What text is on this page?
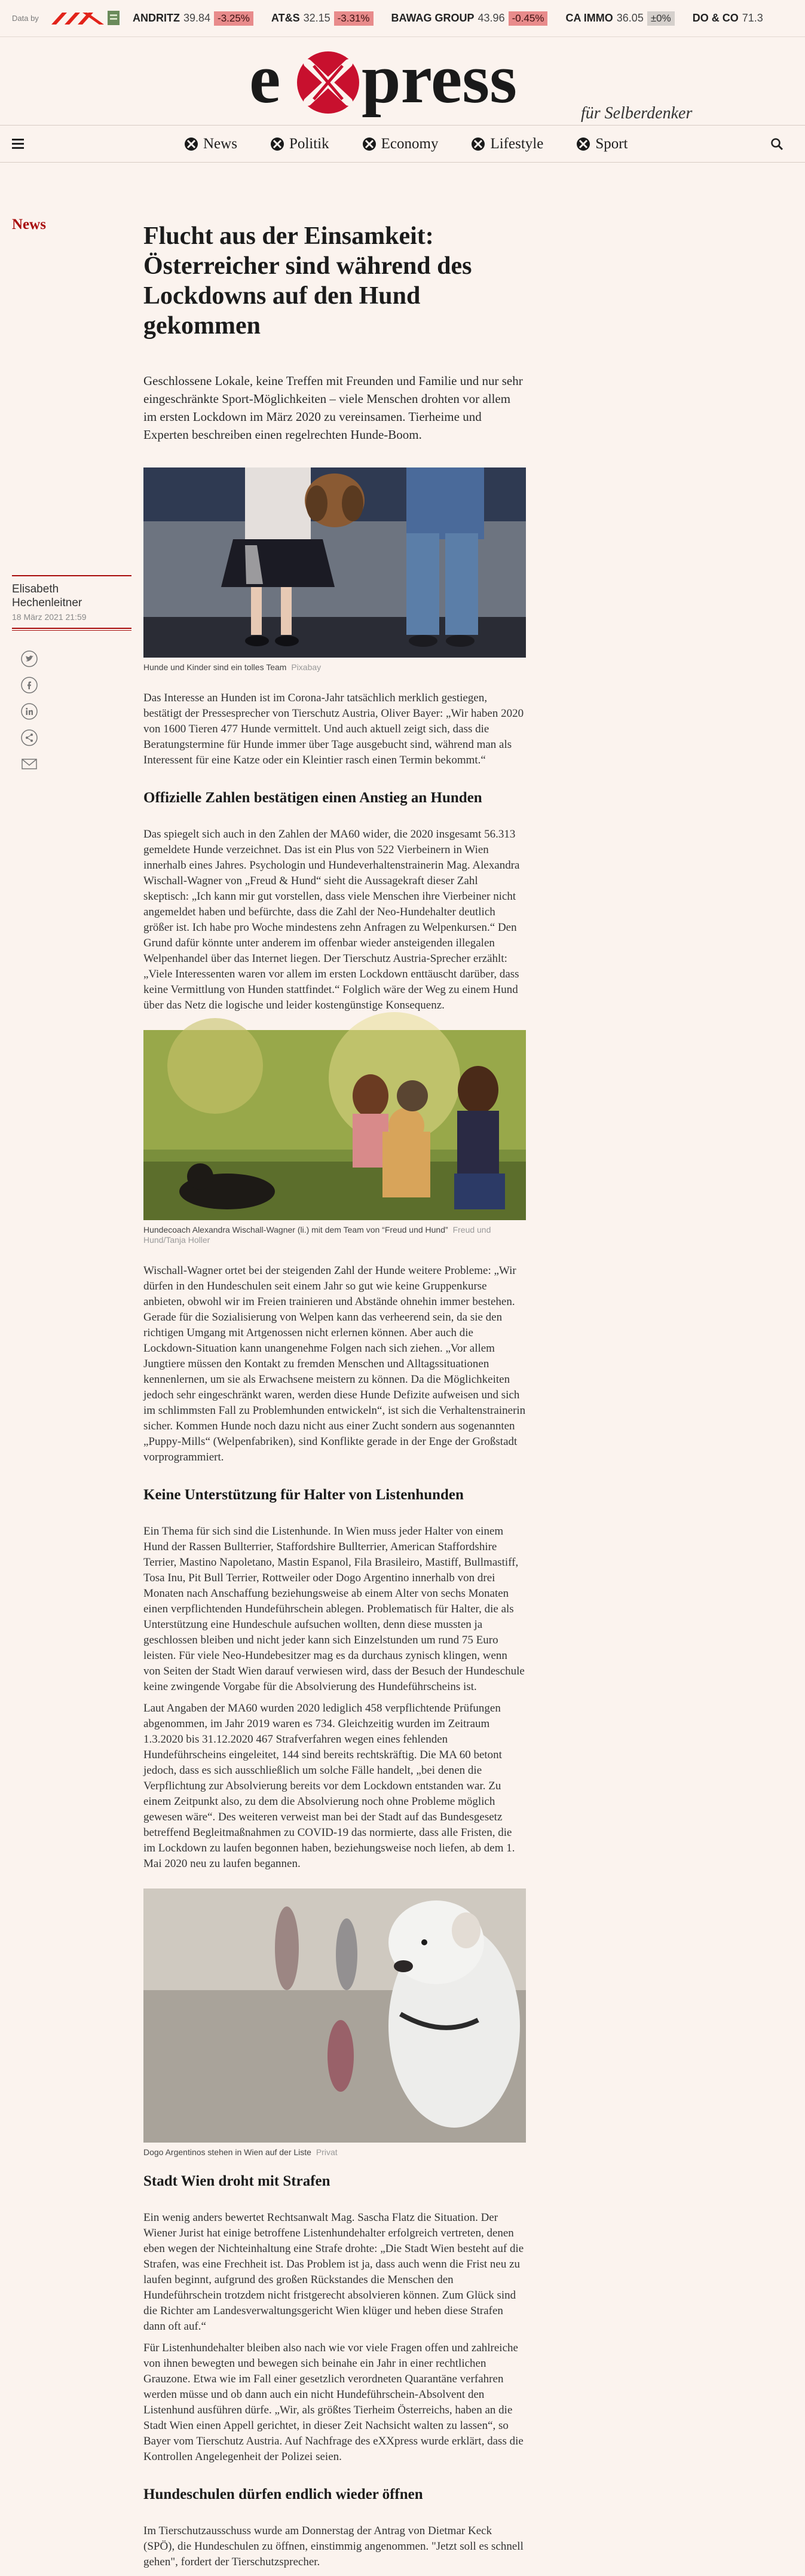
Data by	ANDRITZ 39.84 -3.25%	AT&S 32.15 -3.31%	BAWAG GROUP 43.96 -0.45%	CA IMMO 36.05 ±0%	DO & CO 71.3
e press	für Selberdenker
News	Politik	Economy	Lifestyle	Sport
News
Elisabeth Hechenleitner
18 März 2021 21:59
Flucht aus der Einsamkeit: Österreicher sind während des Lockdowns auf den Hund gekommen

Geschlossene Lokale, keine Treffen mit Freunden und Familie und nur sehr eingeschränkte Sport-Möglichkeiten – viele Menschen drohten vor allem im ersten Lockdown im März 2020 zu vereinsamen. Tierheime und Experten beschreiben einen regelrechten Hunde-Boom.

Hunde und Kinder sind ein tolles Team Pixabay

Das Interesse an Hunden ist im Corona-Jahr tatsächlich merklich gestiegen, bestätigt der Pressesprecher von Tierschutz Austria, Oliver Bayer: „Wir haben 2020 von 1600 Tieren 477 Hunde vermittelt. Und auch aktuell zeigt sich, dass die Beratungstermine für Hunde immer über Tage ausgebucht sind, während man als Interessent für eine Katze oder ein Kleintier rasch einen Termin bekommt.“

Offizielle Zahlen bestätigen einen Anstieg an Hunden

Das spiegelt sich auch in den Zahlen der MA60 wider, die 2020 insgesamt 56.313 gemeldete Hunde verzeichnet. Das ist ein Plus von 522 Vierbeinern in Wien innerhalb eines Jahres. Psychologin und Hundeverhaltenstrainerin Mag. Alexandra Wischall-Wagner von „Freud & Hund“ sieht die Aussagekraft dieser Zahl skeptisch: „Ich kann mir gut vorstellen, dass viele Menschen ihre Vierbeiner nicht angemeldet haben und befürchte, dass die Zahl der Neo-Hundehalter deutlich größer ist. Ich habe pro Woche mindestens zehn Anfragen zu Welpenkursen.“ Den Grund dafür könnte unter anderem im offenbar wieder ansteigenden illegalen Welpenhandel über das Internet liegen. Der Tierschutz Austria-Sprecher erzählt: „Viele Interessenten waren vor allem im ersten Lockdown enttäuscht darüber, dass keine Vermittlung von Hunden stattfindet.“ Folglich wäre der Weg zu einem Hund über das Netz die logische und leider kostengünstige Konsequenz.

Hundecoach Alexandra Wischall-Wagner (li.) mit dem Team von “Freud und Hund” Freud und Hund/Tanja Holler

Wischall-Wagner ortet bei der steigenden Zahl der Hunde weitere Probleme: „Wir dürfen in den Hundeschulen seit einem Jahr so gut wie keine Gruppenkurse anbieten, obwohl wir im Freien trainieren und Abstände ohnehin immer bestehen. Gerade für die Sozialisierung von Welpen kann das verheerend sein, da sie den richtigen Umgang mit Artgenossen nicht erlernen können. Aber auch die Lockdown-Situation kann unangenehme Folgen nach sich ziehen. „Vor allem Jungtiere müssen den Kontakt zu fremden Menschen und Alltagssituationen kennenlernen, um sie als Erwachsene meistern zu können. Da die Möglichkeiten jedoch sehr eingeschränkt waren, werden diese Hunde Defizite aufweisen und sich im schlimmsten Fall zu Problemhunden entwickeln“, ist sich die Verhaltenstrainerin sicher. Kommen Hunde noch dazu nicht aus einer Zucht sondern aus sogenannten „Puppy-Mills“ (Welpenfabriken), sind Konflikte gerade in der Enge der Großstadt vorprogrammiert.

Keine Unterstützung für Halter von Listenhunden

Ein Thema für sich sind die Listenhunde. In Wien muss jeder Halter von einem Hund der Rassen Bullterrier, Staffordshire Bullterrier, American Staffordshire Terrier, Mastino Napoletano, Mastin Espanol, Fila Brasileiro, Mastiff, Bullmastiff, Tosa Inu, Pit Bull Terrier, Rottweiler oder Dogo Argentino innerhalb von drei Monaten nach Anschaffung beziehungsweise ab einem Alter von sechs Monaten einen verpflichtenden Hundeführschein ablegen. Problematisch für Halter, die als Unterstützung eine Hundeschule aufsuchen wollten, denn diese mussten ja geschlossen bleiben und nicht jeder kann sich Einzelstunden um rund 75 Euro leisten. Für viele Neo-Hundebesitzer mag es da durchaus zynisch klingen, wenn von Seiten der Stadt Wien darauf verwiesen wird, dass der Besuch der Hundeschule keine zwingende Vorgabe für die Absolvierung des Hundeführscheins ist.

Laut Angaben der MA60 wurden 2020 lediglich 458 verpflichtende Prüfungen abgenommen, im Jahr 2019 waren es 734. Gleichzeitig wurden im Zeitraum 1.3.2020 bis 31.12.2020 467 Strafverfahren wegen eines fehlenden Hundeführscheins eingeleitet, 144 sind bereits rechtskräftig. Die MA 60 betont jedoch, dass es sich ausschließlich um solche Fälle handelt, „bei denen die Verpflichtung zur Absolvierung bereits vor dem Lockdown entstanden war. Zu einem Zeitpunkt also, zu dem die Absolvierung noch ohne Probleme möglich gewesen wäre“. Des weiteren verweist man bei der Stadt auf das Bundesgesetz betreffend Begleitmaßnahmen zu COVID-19 das normierte, dass alle Fristen, die im Lockdown zu laufen begonnen haben, beziehungsweise noch liefen, ab dem 1. Mai 2020 neu zu laufen begannen.

Dogo Argentinos stehen in Wien auf der Liste Privat
Stadt Wien droht mit Strafen

Ein wenig anders bewertet Rechtsanwalt Mag. Sascha Flatz die Situation. Der Wiener Jurist hat einige betroffene Listenhundehalter erfolgreich vertreten, denen eben wegen der Nichteinhaltung eine Strafe drohte: „Die Stadt Wien besteht auf die Strafen, was eine Frechheit ist. Das Problem ist ja, dass auch wenn die Frist neu zu laufen beginnt, aufgrund des großen Rückstandes die Menschen den Hundeführschein trotzdem nicht fristgerecht absolvieren können. Zum Glück sind die Richter am Landesverwaltungsgericht Wien klüger und heben diese Strafen dann oft auf.“

Für Listenhundehalter bleiben also nach wie vor viele Fragen offen und zahlreiche von ihnen bewegten und bewegen sich beinahe ein Jahr in einer rechtlichen Grauzone. Etwa wie im Fall einer gesetzlich verordneten Quarantäne verfahren werden müsse und ob dann auch ein nicht Hundeführschein-Absolvent den Listenhund ausführen dürfe. „Wir, als größtes Tierheim Österreichs, haben an die Stadt Wien einen Appell gerichtet, in dieser Zeit Nachsicht walten zu lassen“, so Bayer vom Tierschutz Austria. Auf Nachfrage des eXXpress wurde erklärt, dass die Kontrollen Angelegenheit der Polizei seien.

Hundeschulen dürfen endlich wieder öffnen

Im Tierschutzausschuss wurde am Donnerstag der Antrag von Dietmar Keck (SPÖ), die Hundeschulen zu öffnen, einstimmig angenommen. "Jetzt soll es schnell gehen", fordert der Tierschutzsprecher.
